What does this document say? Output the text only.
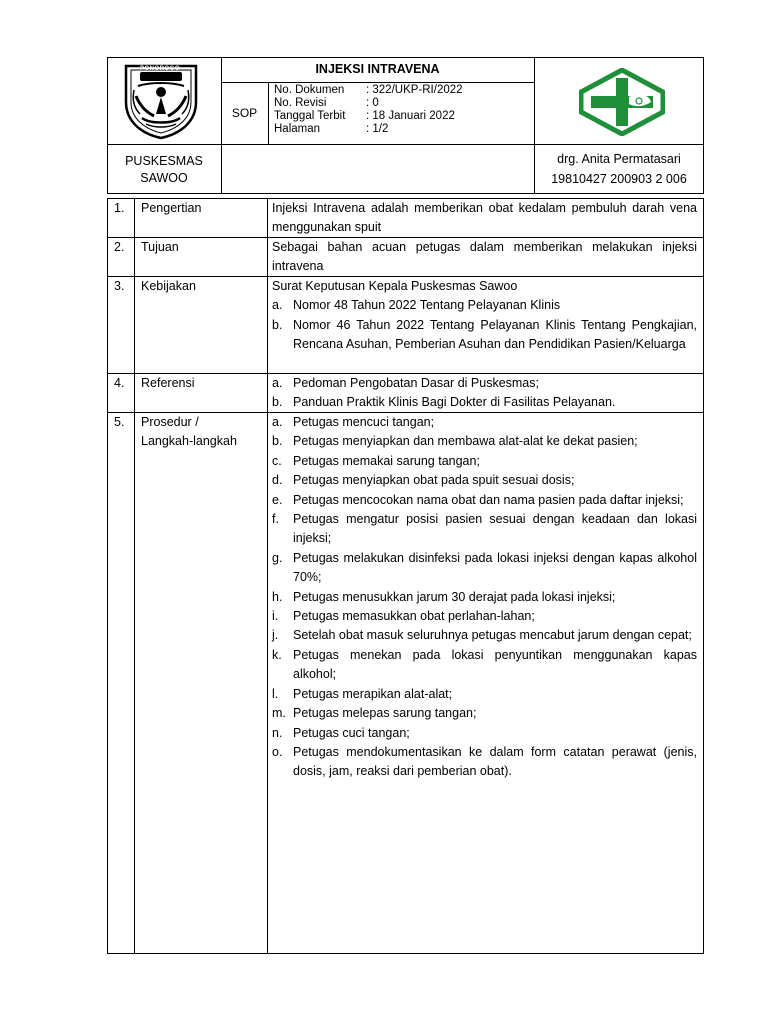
PONOROGO	INJEKSI INTRAVENA
SOP
No. Dokumen	: 322/UKP-RI/2022
No. Revisi	: 0
Tanggal Terbit	: 18 Januari 2022
Halaman	: 1/2
PUSKESMAS
SAWOO
drg. Anita Permatasari
19810427 200903 2 006
1. Pengertian	Injeksi Intravena adalah memberikan obat kedalam pembuluh darah vena menggunakan spuit
2. Tujuan	Sebagai bahan acuan petugas dalam memberikan melakukan injeksi intravena
3. Kebijakan	Surat Keputusan Kepala Puskesmas Sawoo
a. Nomor 48 Tahun 2022 Tentang Pelayanan Klinis
b. Nomor 46 Tahun 2022 Tentang Pelayanan Klinis Tentang Pengkajian, Rencana Asuhan, Pemberian Asuhan dan Pendidikan Pasien/Keluarga
4. Referensi	a. Pedoman Pengobatan Dasar di Puskesmas;
b. Panduan Praktik Klinis Bagi Dokter di Fasilitas Pelayanan.
5. Prosedur /
Langkah-langkah
a. Petugas mencuci tangan;
b. Petugas menyiapkan dan membawa alat-alat ke dekat pasien;
c. Petugas memakai sarung tangan;
d. Petugas menyiapkan obat pada spuit sesuai dosis;
e. Petugas mencocokan nama obat dan nama pasien pada daftar injeksi;
f. Petugas mengatur posisi pasien sesuai dengan keadaan dan lokasi injeksi;
g. Petugas melakukan disinfeksi pada lokasi injeksi dengan kapas alkohol 70%;
h. Petugas menusukkan jarum 30 derajat pada lokasi injeksi;
i. Petugas memasukkan obat perlahan-lahan;
j. Setelah obat masuk seluruhnya petugas mencabut jarum dengan cepat;
k. Petugas menekan pada lokasi penyuntikan menggunakan kapas alkohol;
l. Petugas merapikan alat-alat;
m. Petugas melepas sarung tangan;
n. Petugas cuci tangan;
o. Petugas mendokumentasikan ke dalam form catatan perawat (jenis, dosis, jam, reaksi dari pemberian obat).
